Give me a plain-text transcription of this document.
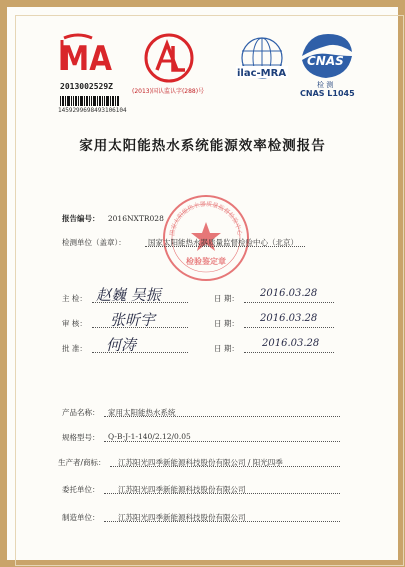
MA
2013002529Z
145929969849310610​4
(2013)国认监认字(288)号
ilac-MRA
CNAS
检 测
CNAS L1045
家用太阳能热水系统能源效率检测报告
国家太阳能热水器质量监督检验中心
检验鉴定章
报告编号： 2016NXTR028
检测单位（盖章）：	国家太阳能热水器质量监督检验中心（北京）
主 检： 赵巍 吴振	日 期： 2016.03.28
审 核： 张昕宇	日 期： 2016.03.28
批 准： 何涛	日 期： 2016.03.28
产品名称： 家用太阳能热水系统
规格型号： Q-B-J-1-140/2.12/0.05
生产者/商标： 江苏阳光四季新能源科技股份有限公司 / 阳光四季
委托单位： 江苏阳光四季新能源科技股份有限公司
制造单位： 江苏阳光四季新能源科技股份有限公司
